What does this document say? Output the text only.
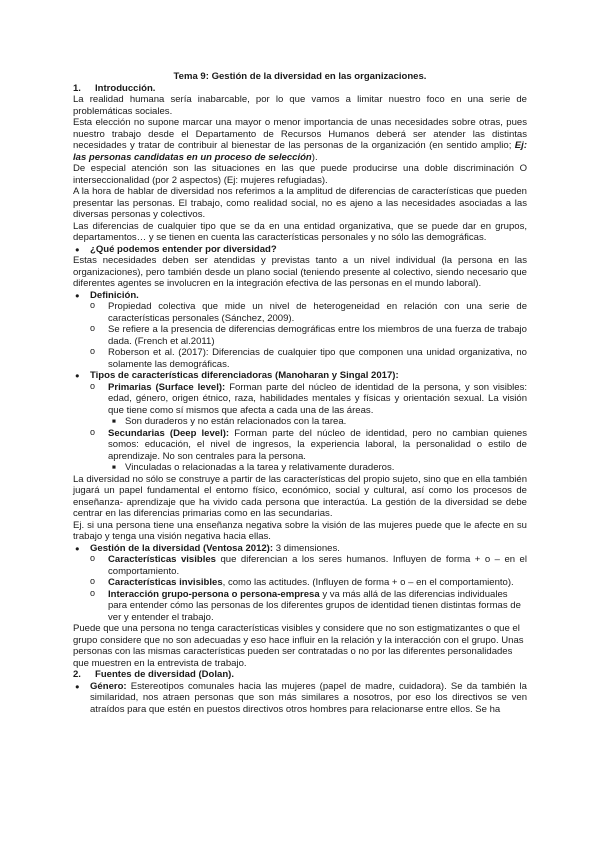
Tema 9: Gestión de la diversidad en las organizaciones.

1.	Introducción.

La realidad humana sería inabarcable, por lo que vamos a limitar nuestro foco en una serie de problemáticas sociales.

Esta elección no supone marcar una mayor o menor importancia de unas necesidades sobre otras, pues nuestro trabajo desde el Departamento de Recursos Humanos deberá ser atender las distintas necesidades y tratar de contribuir al bienestar de las personas de la organización (en sentido amplio; Ej: las personas candidatas en un proceso de selección).

De especial atención son las situaciones en las que puede producirse una doble discriminación O interseccionalidad (por 2 aspectos) (Ej: mujeres refugiadas).

A la hora de hablar de diversidad nos referimos a la amplitud de diferencias de características que pueden presentar las personas. El trabajo, como realidad social, no es ajeno a las necesidades asociadas a las diversas personas y colectivos.

Las diferencias de cualquier tipo que se da en una entidad organizativa, que se puede dar en grupos, departamentos… y se tienen en cuenta las características personales y no sólo las demográficas.

● ¿Qué podemos entender por diversidad?

Estas necesidades deben ser atendidas y previstas tanto a un nivel individual (la persona en las organizaciones), pero también desde un plano social (teniendo presente al colectivo, siendo necesario que diferentes agentes se involucren en la integración efectiva de las personas en el mundo laboral).

● Definición.
o Propiedad colectiva que mide un nivel de heterogeneidad en relación con una serie de características personales (Sánchez, 2009).
o Se refiere a la presencia de diferencias demográficas entre los miembros de una fuerza de trabajo dada. (French et al.2011)
o Roberson et al. (2017): Diferencias de cualquier tipo que componen una unidad organizativa, no solamente las demográficas.
● Tipos de características diferenciadoras (Manoharan y Singal 2017):
o Primarias (Surface level): Forman parte del núcleo de identidad de la persona, y son visibles: edad, género, origen étnico, raza, habilidades mentales y físicas y orientación sexual. La visión que tiene como sí mismos que afecta a cada una de las áreas.
■ Son duraderos y no están relacionados con la tarea.
o Secundarias (Deep level): Forman parte del núcleo de identidad, pero no cambian quienes somos: educación, el nivel de ingresos, la experiencia laboral, la personalidad o estilo de aprendizaje. No son centrales para la persona.
■ Vinculadas o relacionadas a la tarea y relativamente duraderos.

La diversidad no sólo se construye a partir de las características del propio sujeto, sino que en ella también jugará un papel fundamental el entorno físico, económico, social y cultural, así como los procesos de enseñanza- aprendizaje que ha vivido cada persona que interactúa. La gestión de la diversidad se debe centrar en las diferencias primarias como en las secundarias.

Ej. si una persona tiene una enseñanza negativa sobre la visión de las mujeres puede que le afecte en su trabajo y tenga una visión negativa hacia ellas.

● Gestión de la diversidad (Ventosa 2012): 3 dimensiones.
o Características visibles que diferencian a los seres humanos. Influyen de forma + o – en el comportamiento.
o Características invisibles, como las actitudes. (Influyen de forma + o – en el comportamiento).
o Interacción grupo-persona o persona-empresa y va más allá de las diferencias individuales para entender cómo las personas de los diferentes grupos de identidad tienen distintas formas de ver y entender el trabajo.

Puede que una persona no tenga características visibles y considere que no son estigmatizantes o que el grupo considere que no son adecuadas y eso hace influir en la relación y la interacción con el grupo. Unas personas con las mismas características pueden ser contratadas o no por las diferentes personalidades que muestren en la entrevista de trabajo.

2.	Fuentes de diversidad (Dolan).
● Género: Estereotipos comunales hacia las mujeres (papel de madre, cuidadora). Se da también la similaridad, nos atraen personas que son más similares a nosotros, por eso los directivos se ven atraídos para que estén en puestos directivos otros hombres para relacionarse entre ellos. Se ha
